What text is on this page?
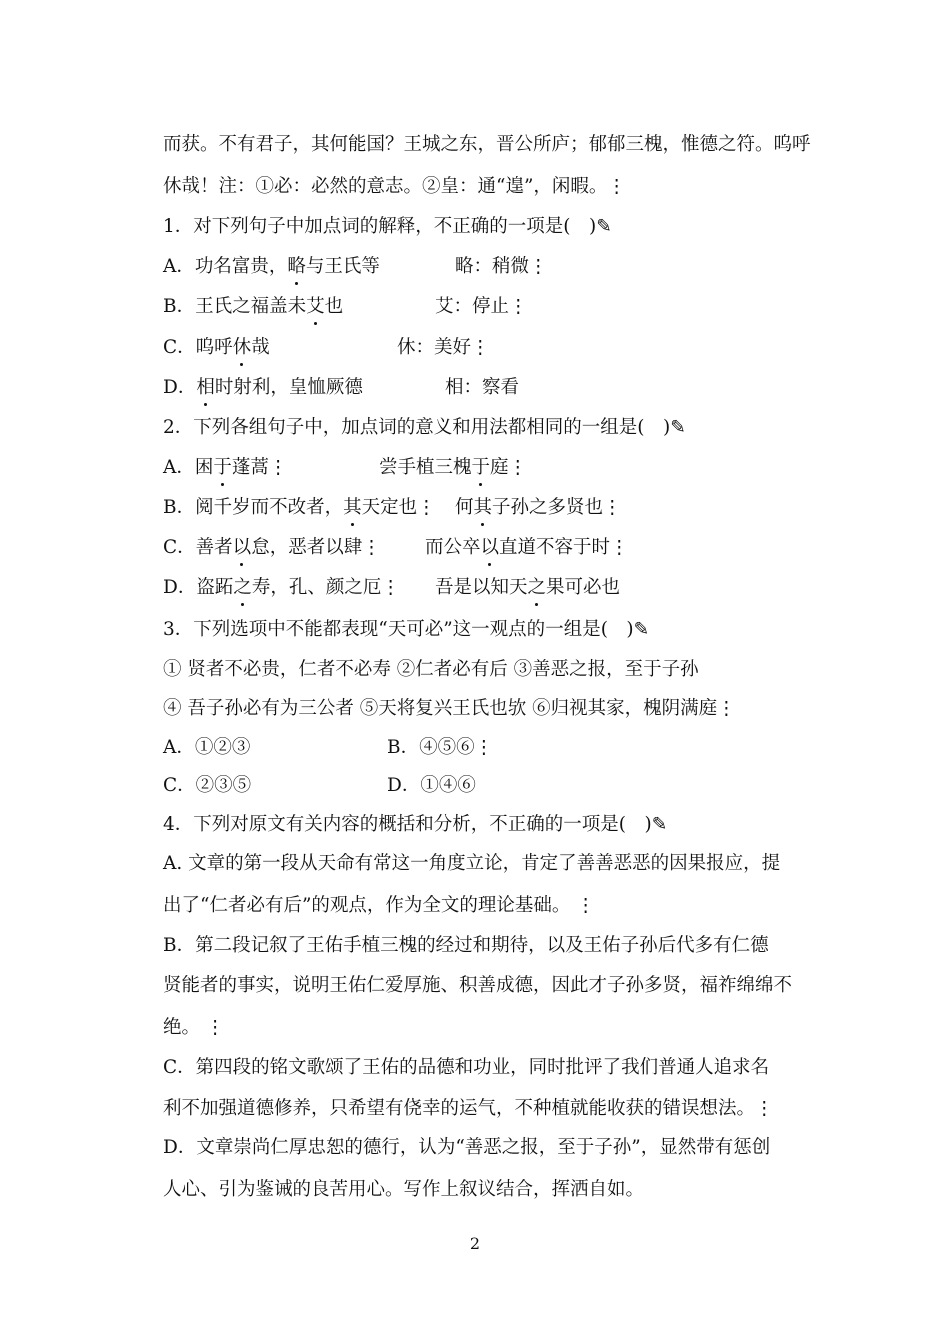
而获。不有君子，其何能国？王城之东，晋公所庐；郁郁三槐，惟德之符。呜呼
休哉！注：①必：必然的意志。②皇：通“遑”，闲暇。⋮
1．对下列句子中加点词的解释，不正确的一项是(　)✎
A．功名富贵，略与王氏等	略：稍微⋮
B．王氏之福盖未艾也	艾：停止⋮
C．呜呼休哉	休：美好⋮
D．相时射利，皇恤厥德	相：察看
2．下列各组句子中，加点词的意义和用法都相同的一组是(　)✎
A．困于蓬蒿⋮	尝手植三槐于庭⋮
B．阅千岁而不改者，其天定也⋮ 何其子孙之多贤也⋮
C．善者以怠，恶者以肆⋮ 而公卒以直道不容于时⋮
D．盗跖之寿，孔、颜之厄⋮ 吾是以知天之果可必也
3．下列选项中不能都表现“天可必”这一观点的一组是(　)✎
① 贤者不必贵，仁者不必寿 ②仁者必有后 ③善恶之报，至于子孙
④ 吾子孙必有为三公者 ⑤天将复兴王氏也欤 ⑥归视其家，槐阴满庭⋮
A．①②③	B．④⑤⑥⋮
C．②③⑤	D．①④⑥
4．下列对原文有关内容的概括和分析，不正确的一项是(　)✎
A. 文章的第一段从天命有常这一角度立论，肯定了善善恶恶的因果报应，提
出了“仁者必有后”的观点，作为全文的理论基础。 ⋮
B．第二段记叙了王佑手植三槐的经过和期待，以及王佑子孙后代多有仁德
贤能者的事实，说明王佑仁爱厚施、积善成德，因此才子孙多贤，福祚绵绵不
绝。 ⋮
C．第四段的铭文歌颂了王佑的品德和功业，同时批评了我们普通人追求名
利不加强道德修养，只希望有侥幸的运气，不种植就能收获的错误想法。⋮
D．文章崇尚仁厚忠恕的德行，认为“善恶之报，至于子孙”，显然带有惩创
人心、引为鉴诫的良苦用心。写作上叙议结合，挥洒自如。
2
